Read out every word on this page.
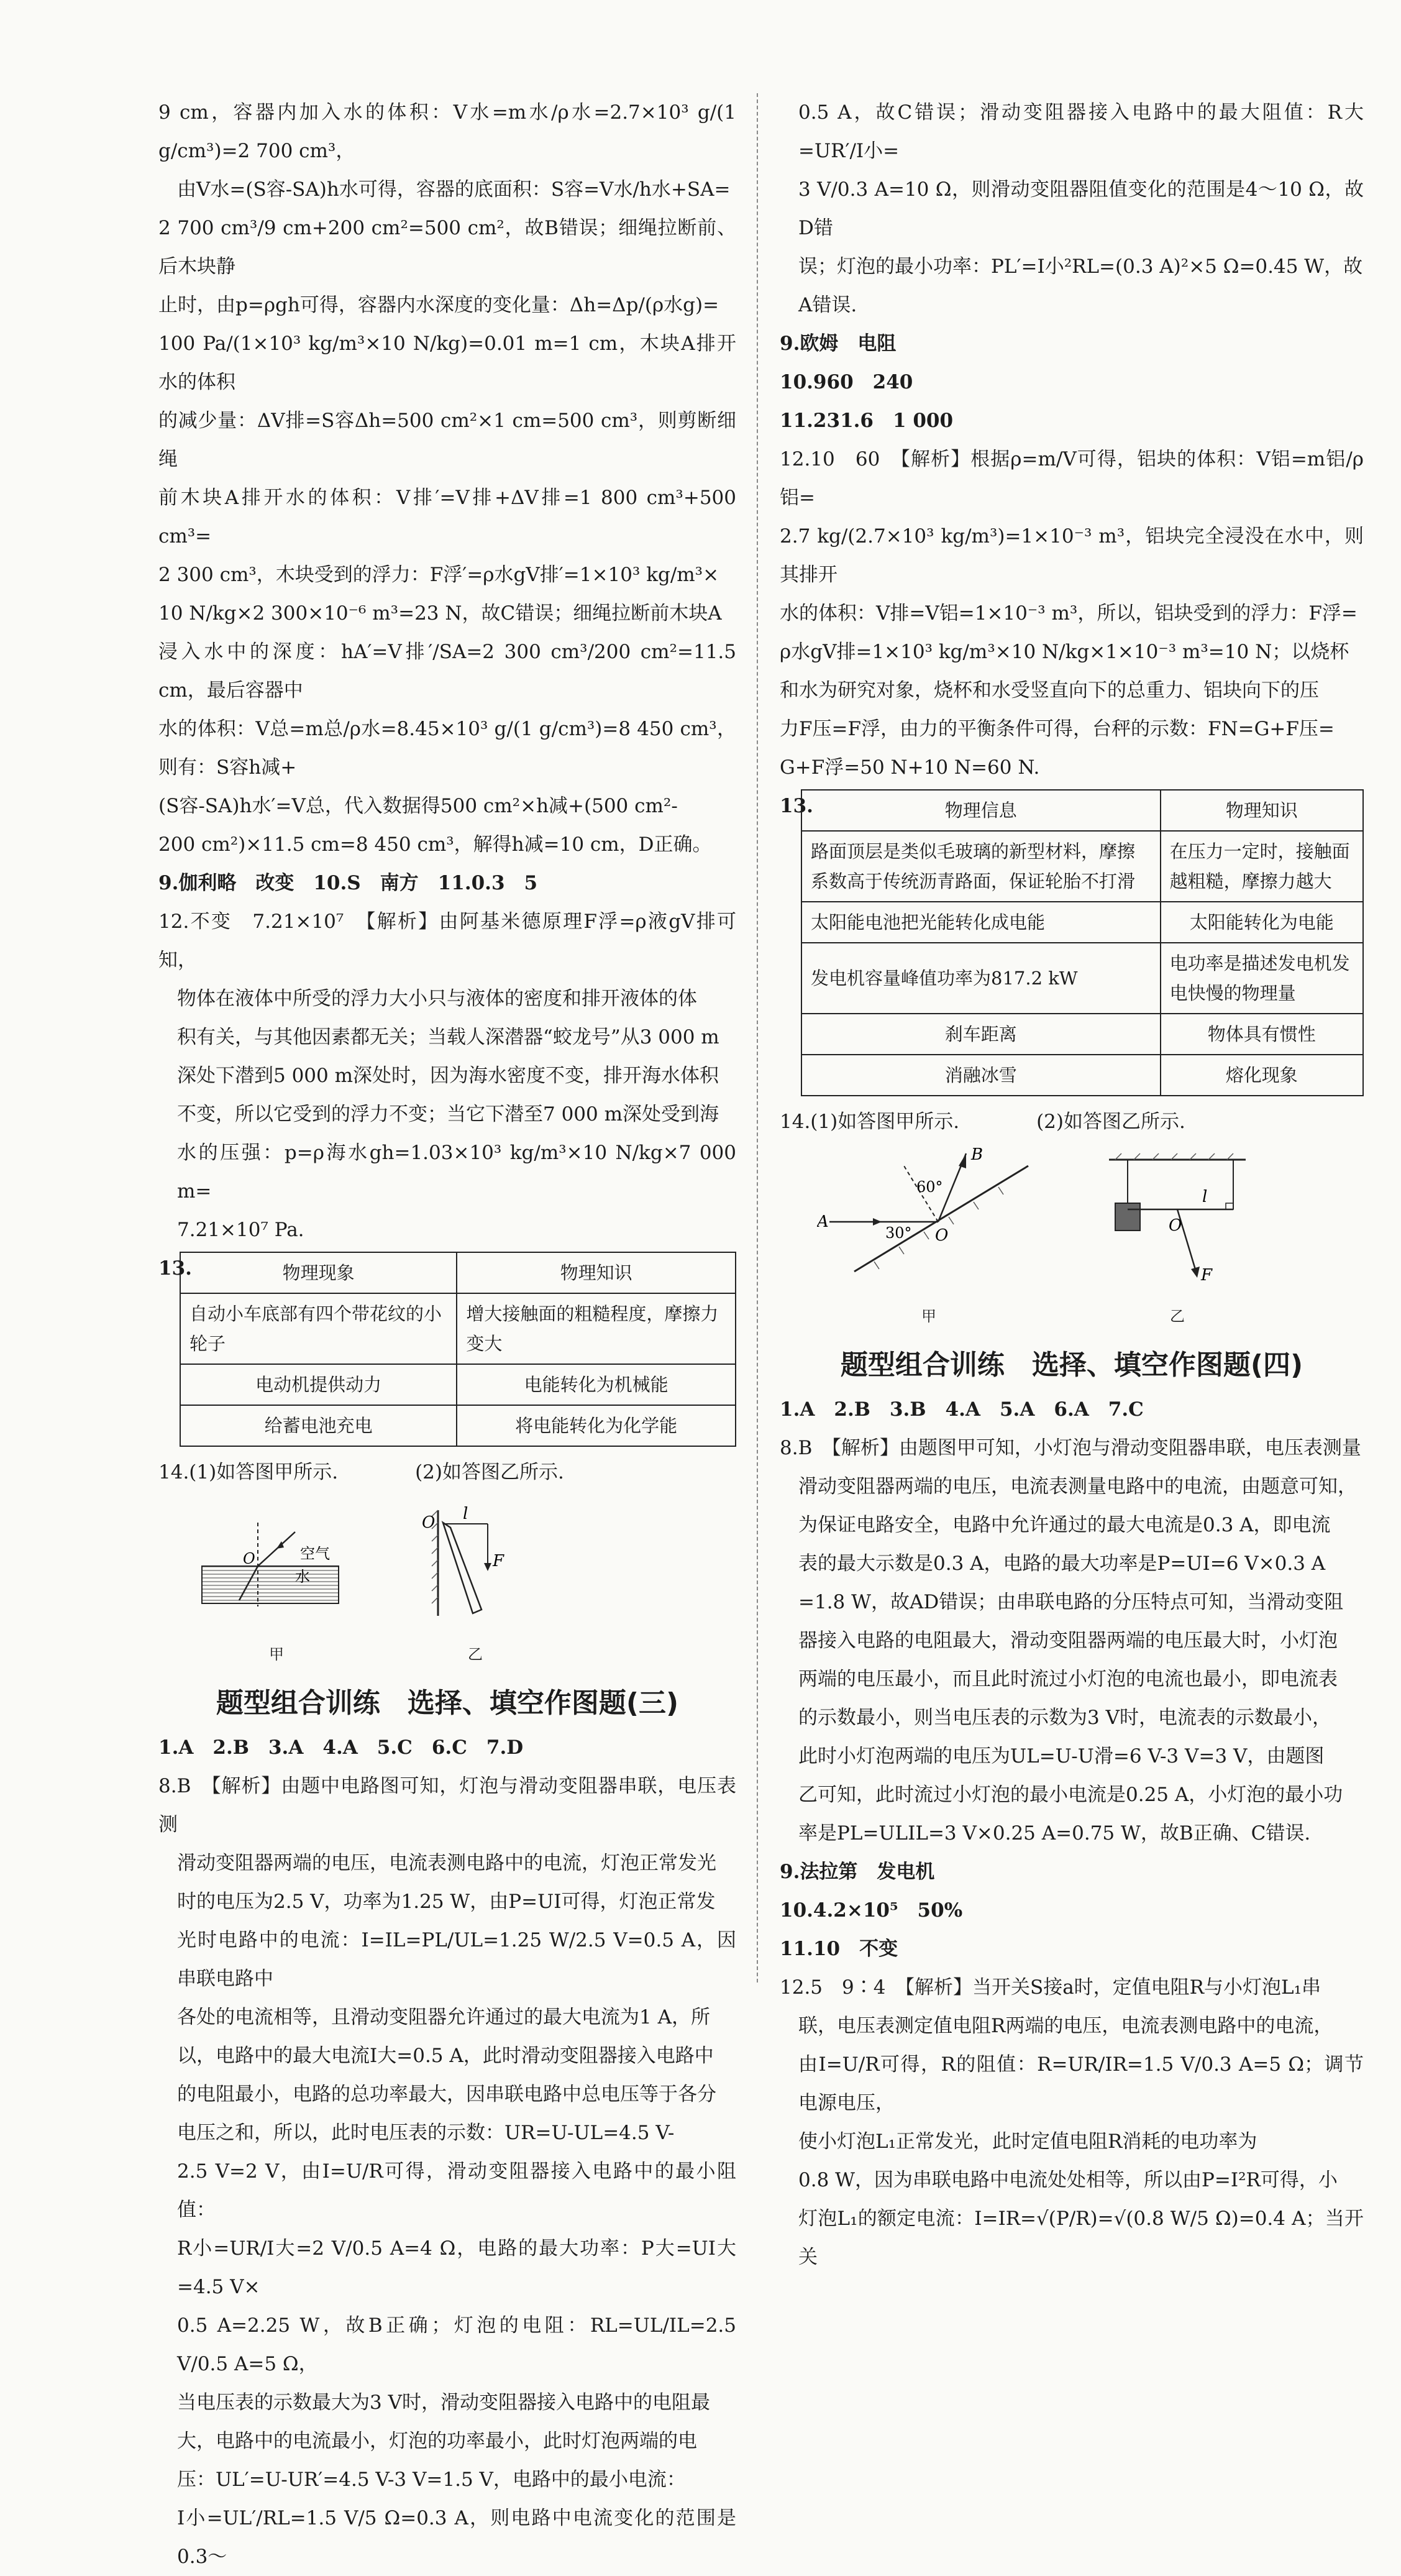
9 cm，容器内加入水的体积：V水=m水/ρ水=2.7×10³ g/(1 g/cm³)=2 700 cm³，

由V水=(S容-SA)h水可得，容器的底面积：S容=V水/h水+SA=

2 700 cm³/9 cm+200 cm²=500 cm²，故B错误；细绳拉断前、后木块静

止时，由p=ρgh可得，容器内水深度的变化量：Δh=Δp/(ρ水g)=

100 Pa/(1×10³ kg/m³×10 N/kg)=0.01 m=1 cm，木块A排开水的体积

的减少量：ΔV排=S容Δh=500 cm²×1 cm=500 cm³，则剪断细绳

前木块A排开水的体积：V排′=V排+ΔV排=1 800 cm³+500 cm³=

2 300 cm³，木块受到的浮力：F浮′=ρ水gV排′=1×10³ kg/m³×

10 N/kg×2 300×10⁻⁶ m³=23 N，故C错误；细绳拉断前木块A

浸入水中的深度：hA′=V排′/SA=2 300 cm³/200 cm²=11.5 cm，最后容器中

水的体积：V总=m总/ρ水=8.45×10³ g/(1 g/cm³)=8 450 cm³，则有：S容h减+

(S容-SA)h水′=V总，代入数据得500 cm²×h减+(500 cm²-

200 cm²)×11.5 cm=8 450 cm³，解得h减=10 cm，D正确。

9.伽利略　改变　10.S　南方　11.0.3　5

12.不变　7.21×10⁷　【解析】由阿基米德原理F浮=ρ液gV排可知，

物体在液体中所受的浮力大小只与液体的密度和排开液体的体

积有关，与其他因素都无关；当载人深潜器“蛟龙号”从3 000 m

深处下潜到5 000 m深处时，因为海水密度不变，排开海水体积

不变，所以它受到的浮力不变；当它下潜至7 000 m深处受到海

水的压强：p=ρ海水gh=1.03×10³ kg/m³×10 N/kg×7 000 m=

7.21×10⁷ Pa.

13.	物理现象	物理知识
自动小车底部有四个带花纹的小轮子	增大接触面的粗糙程度，摩擦力变大
电动机提供动力	电能转化为机械能
给蓄电池充电	将电能转化为化学能

14.(1)如答图甲所示.　　　　(2)如答图乙所示.

空气
水
O
甲
O l
F
乙
题型组合训练　选择、填空作图题(三)

1.A　2.B　3.A　4.A　5.C　6.C　7.D

8.B　【解析】由题中电路图可知，灯泡与滑动变阻器串联，电压表测

滑动变阻器两端的电压，电流表测电路中的电流，灯泡正常发光

时的电压为2.5 V，功率为1.25 W，由P=UI可得，灯泡正常发

光时电路中的电流：I=IL=PL/UL=1.25 W/2.5 V=0.5 A，因串联电路中

各处的电流相等，且滑动变阻器允许通过的最大电流为1 A，所

以，电路中的最大电流I大=0.5 A，此时滑动变阻器接入电路中

的电阻最小，电路的总功率最大，因串联电路中总电压等于各分

电压之和，所以，此时电压表的示数：UR=U-UL=4.5 V-

2.5 V=2 V，由I=U/R可得，滑动变阻器接入电路中的最小阻值：

R小=UR/I大=2 V/0.5 A=4 Ω，电路的最大功率：P大=UI大=4.5 V×

0.5 A=2.25 W，故B正确；灯泡的电阻：RL=UL/IL=2.5 V/0.5 A=5 Ω，

当电压表的示数最大为3 V时，滑动变阻器接入电路中的电阻最

大，电路中的电流最小，灯泡的功率最小，此时灯泡两端的电

压：UL′=U-UR′=4.5 V-3 V=1.5 V，电路中的最小电流：

I小=UL′/RL=1.5 V/5 Ω=0.3 A，则电路中电流变化的范围是0.3～

0.5 A，故C错误；滑动变阻器接入电路中的最大阻值：R大=UR′/I小=

3 V/0.3 A=10 Ω，则滑动变阻器阻值变化的范围是4～10 Ω，故D错

误；灯泡的最小功率：PL′=I小²RL=(0.3 A)²×5 Ω=0.45 W，故

A错误.

9.欧姆　电阻

10.960　240

11.231.6　1 000

12.10　60　【解析】根据ρ=m/V可得，铝块的体积：V铝=m铝/ρ铝=

2.7 kg/(2.7×10³ kg/m³)=1×10⁻³ m³，铝块完全浸没在水中，则其排开

水的体积：V排=V铝=1×10⁻³ m³，所以，铝块受到的浮力：F浮=

ρ水gV排=1×10³ kg/m³×10 N/kg×1×10⁻³ m³=10 N；以烧杯

和水为研究对象，烧杯和水受竖直向下的总重力、铝块向下的压

力F压=F浮，由力的平衡条件可得，台秤的示数：FN=G+F压=

G+F浮=50 N+10 N=60 N.

13.	物理信息	物理知识
路面顶层是类似毛玻璃的新型材料，摩擦系数高于传统沥青路面，保证轮胎不打滑	在压力一定时，接触面越粗糙，摩擦力越大
太阳能电池把光能转化成电能	太阳能转化为电能
发电机容量峰值功率为817.2 kW	电功率是描述发电机发电快慢的物理量
刹车距离	物体具有惯性
消融冰雪	熔化现象

14.(1)如答图甲所示.　　　　(2)如答图乙所示.

A
B
O
60°
30°
甲
O
l
F
乙
题型组合训练　选择、填空作图题(四)

1.A　2.B　3.B　4.A　5.A　6.A　7.C

8.B　【解析】由题图甲可知，小灯泡与滑动变阻器串联，电压表测量

滑动变阻器两端的电压，电流表测量电路中的电流，由题意可知，

为保证电路安全，电路中允许通过的最大电流是0.3 A，即电流

表的最大示数是0.3 A，电路的最大功率是P=UI=6 V×0.3 A

=1.8 W，故AD错误；由串联电路的分压特点可知，当滑动变阻

器接入电路的电阻最大，滑动变阻器两端的电压最大时，小灯泡

两端的电压最小，而且此时流过小灯泡的电流也最小，即电流表

的示数最小，则当电压表的示数为3 V时，电流表的示数最小，

此时小灯泡两端的电压为UL=U-U滑=6 V-3 V=3 V，由题图

乙可知，此时流过小灯泡的最小电流是0.25 A，小灯泡的最小功

率是PL=ULIL=3 V×0.25 A=0.75 W，故B正确、C错误.

9.法拉第　发电机

10.4.2×10⁵　50%

11.10　不变

12.5　9∶4　【解析】当开关S接a时，定值电阻R与小灯泡L₁串

联，电压表测定值电阻R两端的电压，电流表测电路中的电流，

由I=U/R可得，R的阻值：R=UR/IR=1.5 V/0.3 A=5 Ω；调节电源电压，

使小灯泡L₁正常发光，此时定值电阻R消耗的电功率为

0.8 W，因为串联电路中电流处处相等，所以由P=I²R可得，小

灯泡L₁的额定电流：I=IR=√(P/R)=√(0.8 W/5 Ω)=0.4 A；当开关
